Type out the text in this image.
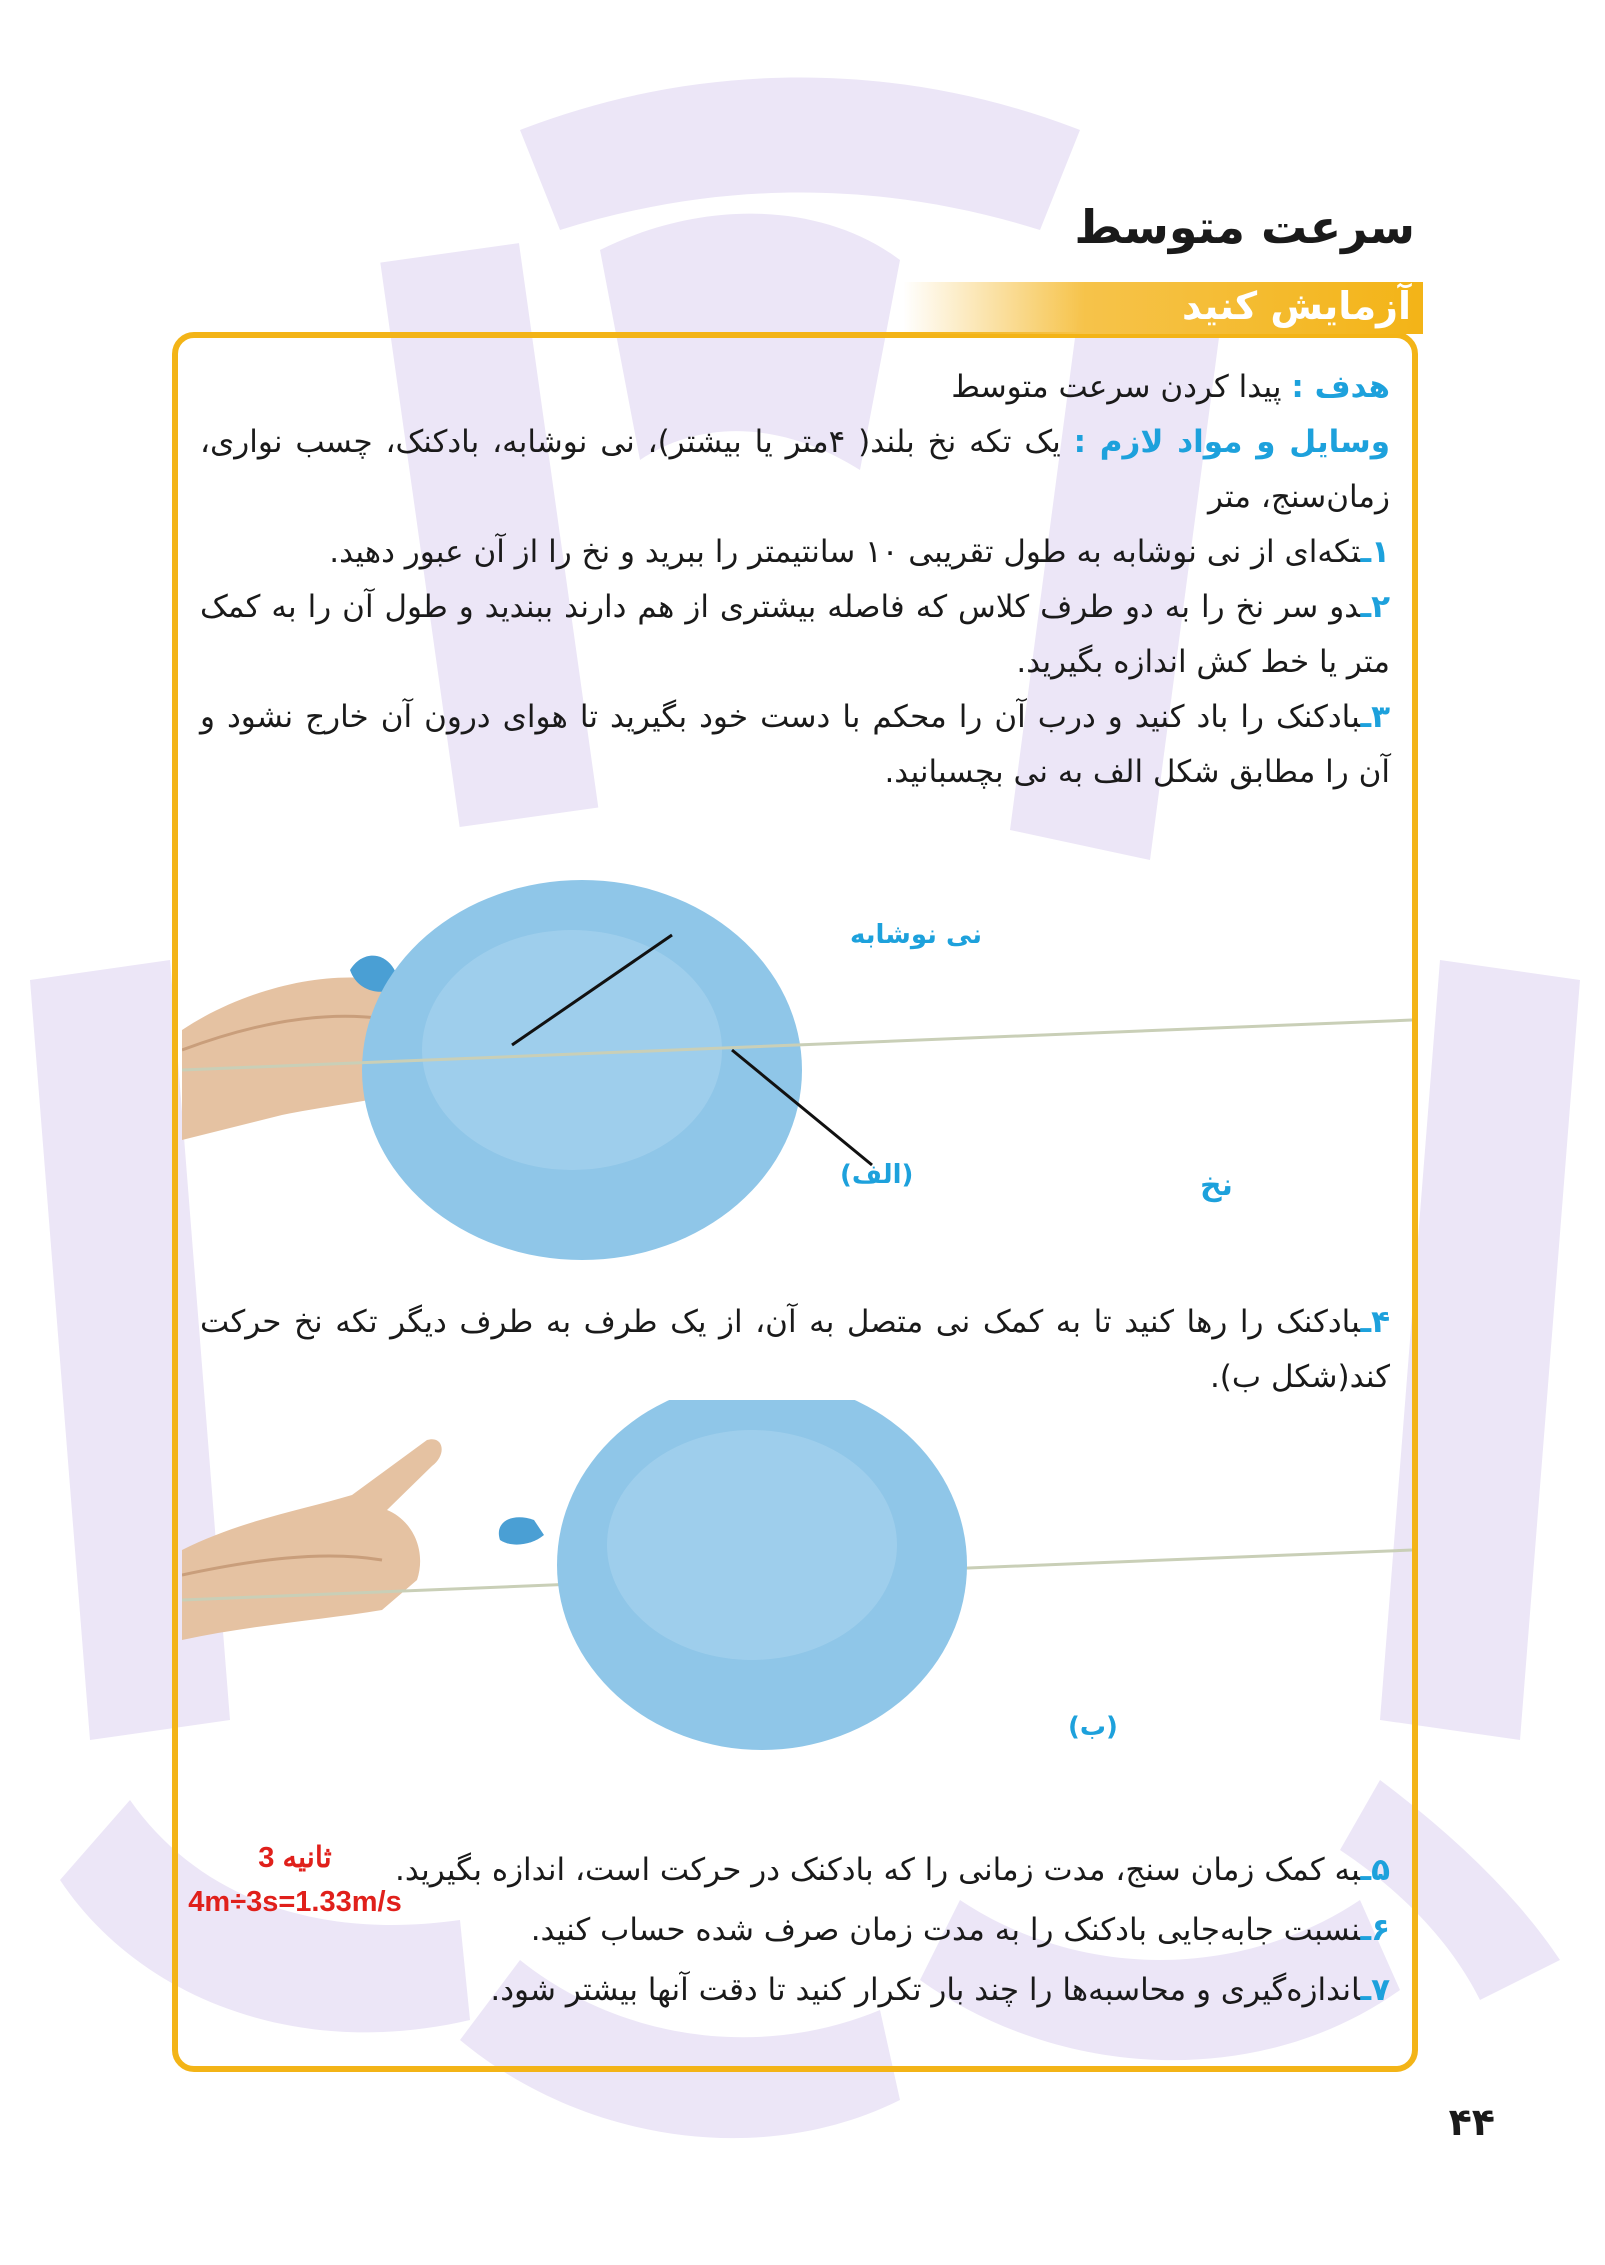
سرعت متوسط
آزمایش کنید

هدف : پیدا کردن سرعت متوسط

وسایل و مواد لازم : یک تکه نخ بلند( ۴متر یا بیشتر)، نی نوشابه، بادکنک، چسب نواری، زمان‌سنج، متر

۱ـتکه‌ای از نی نوشابه به طول تقریبی ۱۰ سانتیمتر را ببرید و نخ را از آن عبور دهید.

۲ـدو سر نخ را به دو طرف کلاس که فاصله بیشتری از هم دارند ببندید و طول آن را به کمک متر یا خط کش اندازه بگیرید.

۳ـبادکنک را باد کنید و درب آن را محکم با دست خود بگیرید تا هوای درون آن خارج نشود و آن را مطابق شکل الف به نی بچسبانید.

نی نوشابه
نخ
(الف)

۴ـبادکنک را رها کنید تا به کمک نی متصل به آن، از یک طرف به طرف دیگر تکه نخ حرکت کند(شکل ب).

(ب)

۵ـبه کمک زمان سنج، مدت زمانی را که بادکنک در حرکت است، اندازه بگیرید.

۶ـنسبت جابه‌جایی بادکنک را به مدت زمان صرف شده حساب کنید.

۷ـاندازه‌گیری و محاسبه‌ها را چند بار تکرار کنید تا دقت آنها بیشتر شود.

3 ثانیه
4m÷3s=1.33m/s
۴۴
